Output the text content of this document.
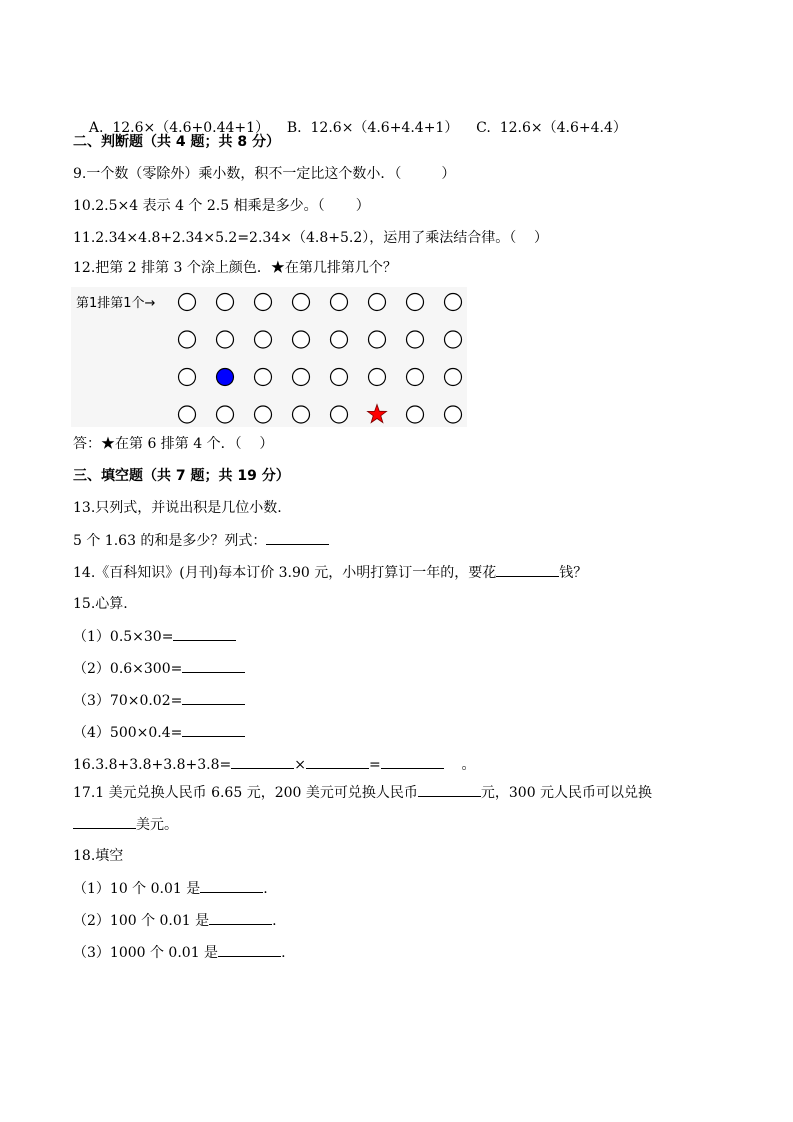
A.  12.6×（4.6+0.44+1） B.  12.6×（4.6+4.4+1） C.  12.6×（4.6+4.4）

二、判断题（共 4 题；共 8 分）
9.一个数（零除外）乘小数，积不一定比这个数小．（         ）
10.2.5×4 表示 4 个 2.5 相乘是多少。（       ）
11.2.34×4.8+2.34×5.2=2.34×（4.8+5.2），运用了乘法结合律。（    ）
12.把第 2 排第 3 个涂上颜色．★在第几排第几个？
第1排第1个→
答：★在第 6 排第 4 个．（    ）
三、填空题（共 7 题；共 19 分）
13.只列式，并说出积是几位小数.
5 个 1.63 的和是多少？列式：
14.《百科知识》(月刊)每本订价 3.90 元，小明打算订一年的，要花	钱？
15.心算.
（1）0.5×30=
（2）0.6×300=
（3）70×0.02=
（4）500×0.4=
16.3.8+3.8+3.8+3.8=	×	=	。
17.1 美元兑换人民币 6.65 元，200 美元可兑换人民币	元，300 元人民币可以兑换
美元。
18.填空
（1）10 个 0.01 是	.
（2）100 个 0.01 是	.
（3）1000 个 0.01 是	.
